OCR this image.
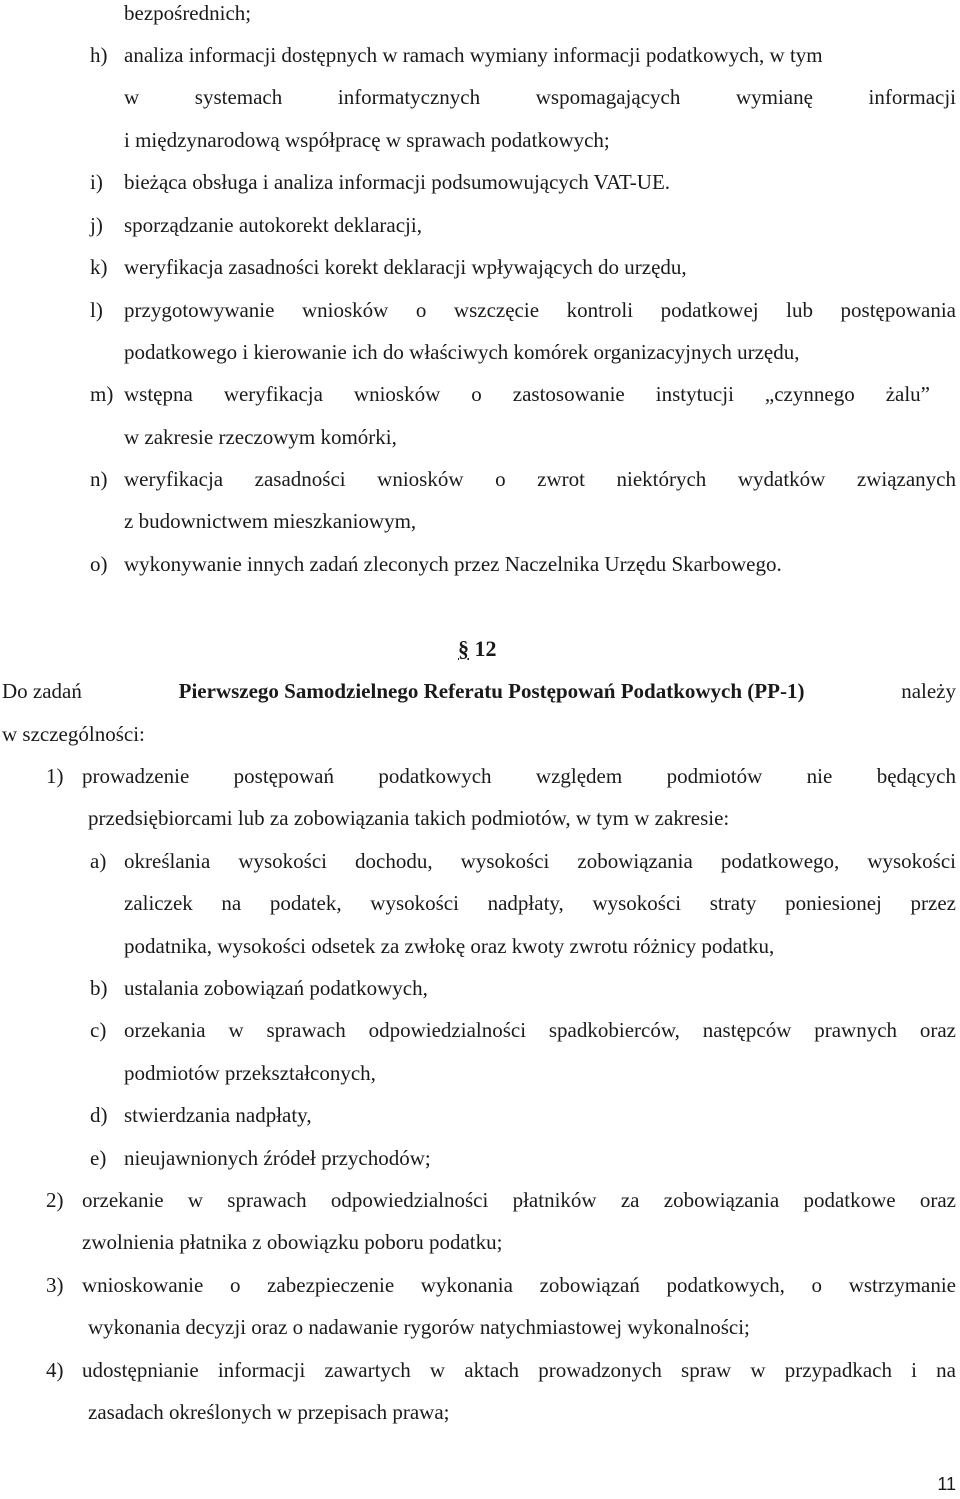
bezpośrednich;
h) analiza informacji dostępnych w ramach wymiany informacji podatkowych, w tym
w systemach informatycznych wspomagających wymianę informacji
i międzynarodową współpracę w sprawach podatkowych;
i) bieżąca obsługa i analiza informacji podsumowujących VAT-UE.
j) sporządzanie autokorekt deklaracji,
k) weryfikacja zasadności korekt deklaracji wpływających do urzędu,
l) przygotowywanie wniosków o wszczęcie kontroli podatkowej lub postępowania
podatkowego i kierowanie ich do właściwych komórek organizacyjnych urzędu,
m) wstępna weryfikacja wniosków o zastosowanie instytucji „czynnego żalu”
w zakresie rzeczowym komórki,
n) weryfikacja zasadności wniosków o zwrot niektórych wydatków związanych
z budownictwem mieszkaniowym,
o) wykonywanie innych zadań zleconych przez Naczelnika Urzędu Skarbowego.
§ 12
Do zadań	Pierwszego Samodzielnego Referatu Postępowań Podatkowych (PP-1)	należy
w szczególności:
1) prowadzenie postępowań podatkowych względem podmiotów nie będących
przedsiębiorcami lub za zobowiązania takich podmiotów, w tym w zakresie:
a) określania wysokości dochodu, wysokości zobowiązania podatkowego, wysokości
zaliczek na podatek, wysokości nadpłaty, wysokości straty poniesionej przez
podatnika, wysokości odsetek za zwłokę oraz kwoty zwrotu różnicy podatku,
b) ustalania zobowiązań podatkowych,
c) orzekania w sprawach odpowiedzialności spadkobierców, następców prawnych oraz
podmiotów przekształconych,
d) stwierdzania nadpłaty,
e) nieujawnionych źródeł przychodów;
2) orzekanie w sprawach odpowiedzialności płatników za zobowiązania podatkowe oraz
zwolnienia płatnika z obowiązku poboru podatku;
3) wnioskowanie o zabezpieczenie wykonania zobowiązań podatkowych, o wstrzymanie
wykonania decyzji oraz o nadawanie rygorów natychmiastowej wykonalności;
4) udostępnianie informacji zawartych w aktach prowadzonych spraw w przypadkach i na
zasadach określonych w przepisach prawa;
11
